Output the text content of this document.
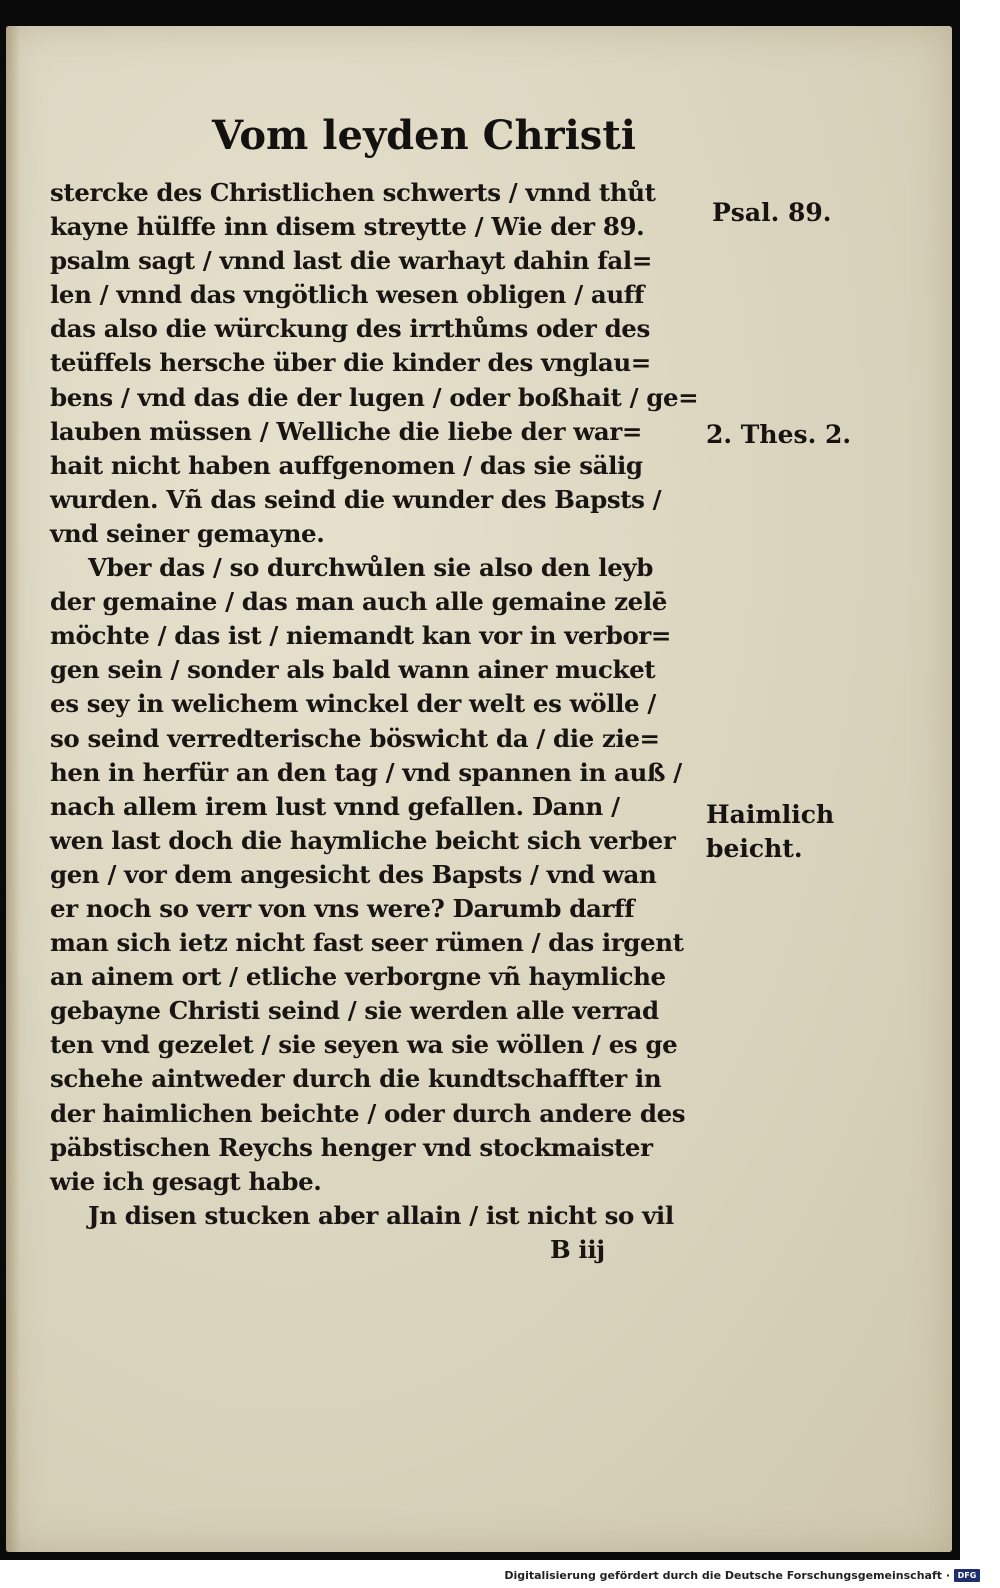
Vom leyden Christi
stercke des Christlichen schwerts / vnnd thůt
kayne hülffe inn disem streytte / Wie der 89.
psalm sagt / vnnd last die warhayt dahin fal=
len / vnnd das vngötlich wesen obligen / auff
das also die würckung des irrthůms oder des
teüffels hersche über die kinder des vnglau=
bens / vnd das die der lugen / oder boßhait / ge=
lauben müssen / Welliche die liebe der war=
hait nicht haben auffgenomen / das sie sälig
wurden. Vñ das seind die wunder des Bapsts /
vnd seiner gemayne.
Vber das / so durchwůlen sie also den leyb
der gemaine / das man auch alle gemaine zelē
möchte / das ist / niemandt kan vor in verbor=
gen sein / sonder als bald wann ainer mucket
es sey in welichem winckel der welt es wölle /
so seind verredterische böswicht da / die zie=
hen in herfür an den tag / vnd spannen in auß /
nach allem irem lust vnnd gefallen. Dann /
wen last doch die haymliche beicht sich verber
gen / vor dem angesicht des Bapsts / vnd wan
er noch so verr von vns were? Darumb darff
man sich ietz nicht fast seer rümen / das irgent
an ainem ort / etliche verborgne vñ haymliche
gebayne Christi seind / sie werden alle verrad
ten vnd gezelet / sie seyen wa sie wöllen / es ge
schehe aintweder durch die kundtschaffter in
der haimlichen beichte / oder durch andere des
päbstischen Reychs henger vnd stockmaister
wie ich gesagt habe.
Jn disen stucken aber allain / ist nicht so vil
B iij
Psal. 89.
2. Thes. 2.
Haimlich
beicht.
Digitalisierung gefördert durch die Deutsche Forschungsgemeinschaft · DFG
